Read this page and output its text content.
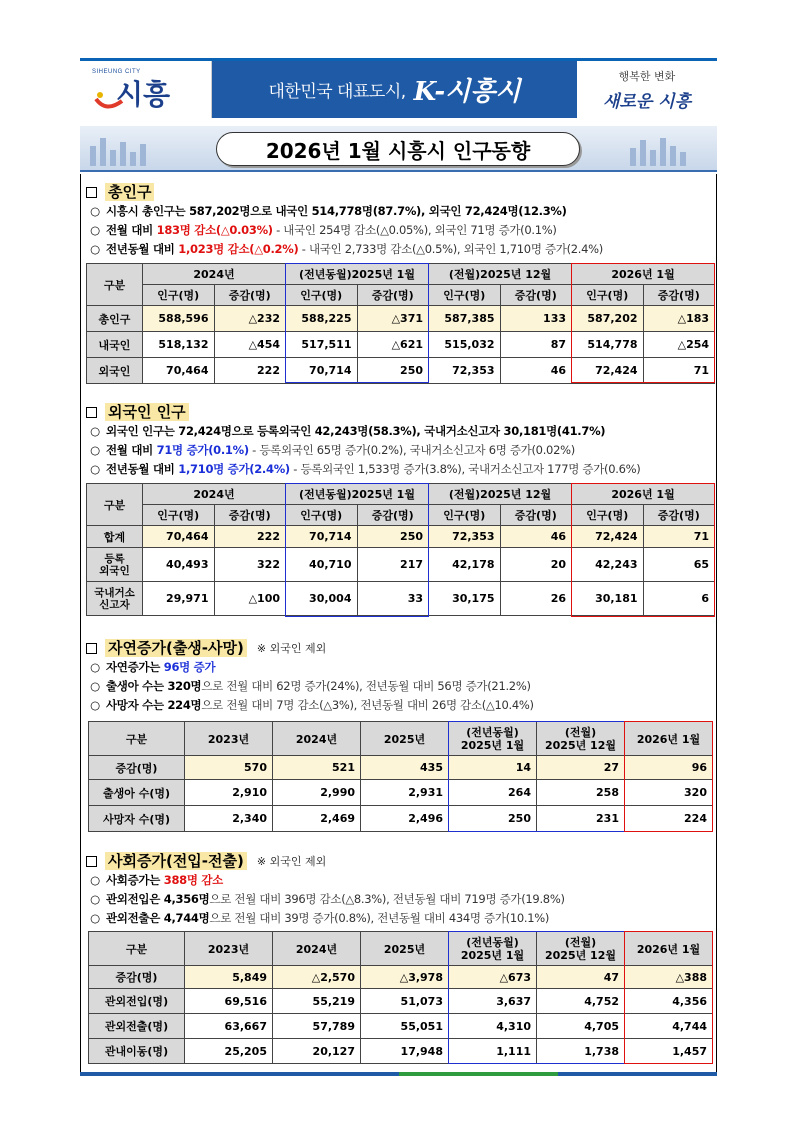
SIHEUNG CITY
시흥	대한민국 대표도시, K-시흥시
행복한 변화
새로운 시흥
2026년 1월 시흥시 인구동향
총인구
○ 시흥시 총인구는 587,202명으로 내국인 514,778명(87.7%), 외국인 72,424명(12.3%)
○ 전월 대비 183명 감소(△0.03%) - 내국인 254명 감소(△0.05%), 외국인 71명 증가(0.1%)
○ 전년동월 대비 1,023명 감소(△0.2%) - 내국인 2,733명 감소(△0.5%), 외국인 1,710명 증가(2.4%)
구분	2024년		(전년동월)2025년 1월		(전월)2025년 12월		2026년 1월	
	인구(명)	증감(명)	인구(명)	증감(명)	인구(명)	증감(명)	인구(명)	증감(명)
총인구	588,596	△232	588,225	△371	587,385	133	587,202	△183
내국인	518,132	△454	517,511	△621	515,032	87	514,778	△254
외국인	70,464	222	70,714	250	72,353	46	72,424	71
외국인 인구
○ 외국인 인구는 72,424명으로 등록외국인 42,243명(58.3%), 국내거소신고자 30,181명(41.7%)
○ 전월 대비 71명 증가(0.1%) - 등록외국인 65명 증가(0.2%), 국내거소신고자 6명 증가(0.02%)
○ 전년동월 대비 1,710명 증가(2.4%) - 등록외국인 1,533명 증가(3.8%), 국내거소신고자 177명 증가(0.6%)
구분	2024년		(전년동월)2025년 1월		(전월)2025년 12월		2026년 1월	
	인구(명)	증감(명)	인구(명)	증감(명)	인구(명)	증감(명)	인구(명)	증감(명)
합계	70,464	222	70,714	250	72,353	46	72,424	71
등록
외국인	40,493	322	40,710	217	42,178	20	42,243	65
국내거소
신고자	29,971	△100	30,004	33	30,175	26	30,181	6
자연증가(출생-사망) ※ 외국인 제외
○ 자연증가는 96명 증가
○ 출생아 수는 320명으로 전월 대비 62명 증가(24%), 전년동월 대비 56명 증가(21.2%)
○ 사망자 수는 224명으로 전월 대비 7명 감소(△3%), 전년동월 대비 26명 감소(△10.4%)
구분	2023년	2024년	2025년	(전년동월)
2025년 1월	(전월)
2025년 12월	2026년 1월
증감(명)	570	521	435	14	27	96
출생아 수(명)	2,910	2,990	2,931	264	258	320
사망자 수(명)	2,340	2,469	2,496	250	231	224
사회증가(전입-전출) ※ 외국인 제외
○ 사회증가는 388명 감소
○ 관외전입은 4,356명으로 전월 대비 396명 감소(△8.3%), 전년동월 대비 719명 증가(19.8%)
○ 관외전출은 4,744명으로 전월 대비 39명 증가(0.8%), 전년동월 대비 434명 증가(10.1%)
구분	2023년	2024년	2025년	(전년동월)
2025년 1월	(전월)
2025년 12월	2026년 1월
증감(명)	5,849	△2,570	△3,978	△673	47	△388
관외전입(명)	69,516	55,219	51,073	3,637	4,752	4,356
관외전출(명)	63,667	57,789	55,051	4,310	4,705	4,744
관내이동(명)	25,205	20,127	17,948	1,111	1,738	1,457
